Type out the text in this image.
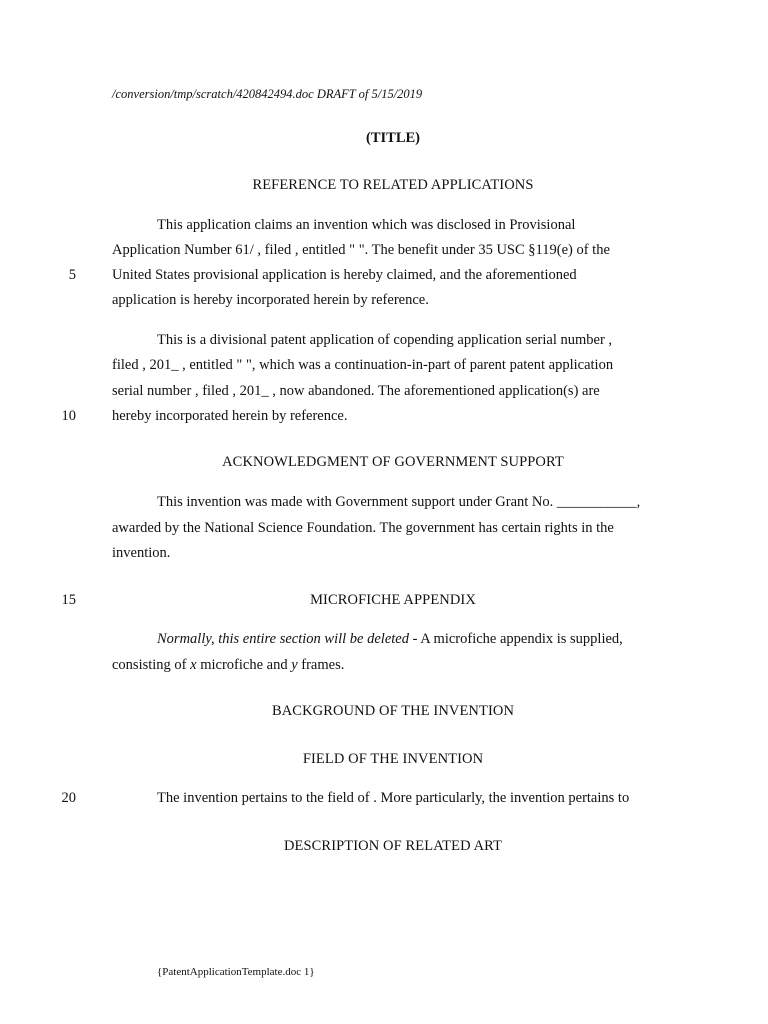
/conversion/tmp/scratch/420842494.doc DRAFT of 5/15/2019
(TITLE)
REFERENCE TO RELATED APPLICATIONS
This application claims an invention which was disclosed in Provisional
Application Number 61/ , filed , entitled " ". The benefit under 35 USC §119(e) of the
United States provisional application is hereby claimed, and the aforementioned
application is hereby incorporated herein by reference.
This is a divisional patent application of copending application serial number ,
filed , 201_ , entitled " ", which was a continuation-in-part of parent patent application
serial number , filed , 201_ , now abandoned. The aforementioned application(s) are
hereby incorporated herein by reference.
ACKNOWLEDGMENT OF GOVERNMENT SUPPORT
This invention was made with Government support under Grant No. ___________,
awarded by the National Science Foundation. The government has certain rights in the
invention.
MICROFICHE APPENDIX
Normally, this entire section will be deleted - A microfiche appendix is supplied,
consisting of x microfiche and y frames.
BACKGROUND OF THE INVENTION
FIELD OF THE INVENTION
The invention pertains to the field of . More particularly, the invention pertains to
DESCRIPTION OF RELATED ART
5
10
15
20
{PatentApplicationTemplate.doc 1}
